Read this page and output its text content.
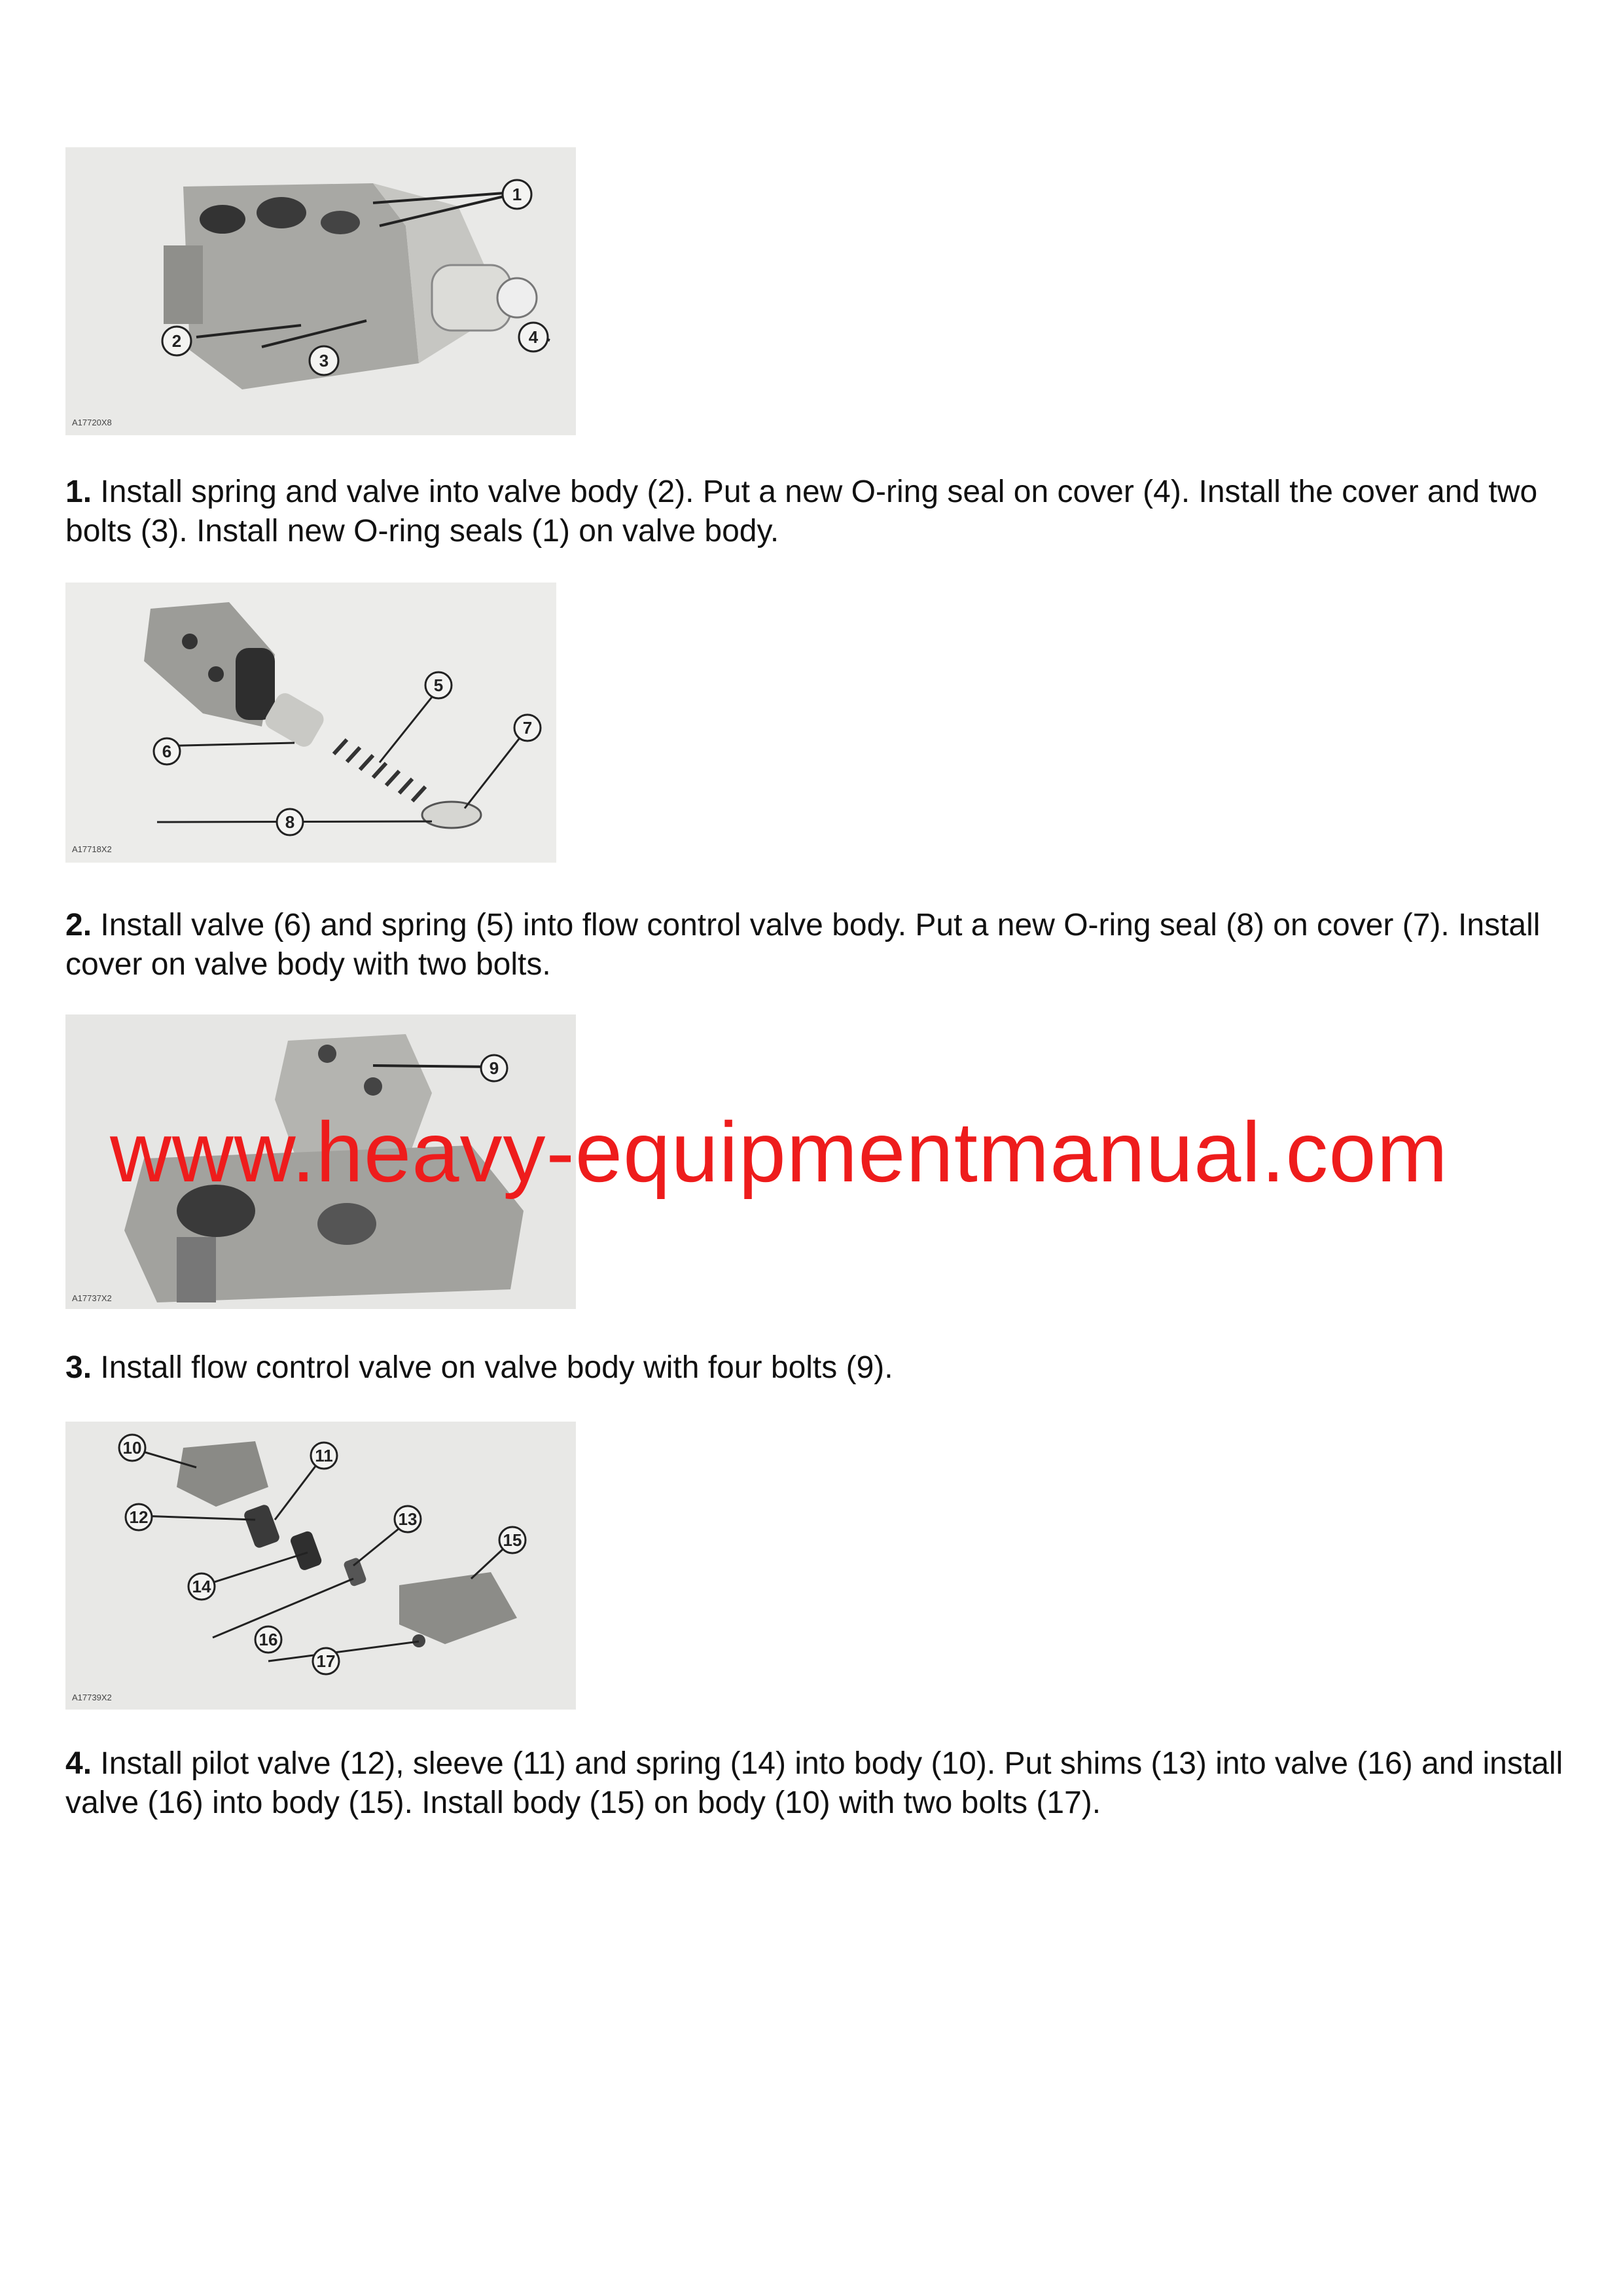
1
2
3
4
A17720X8

1. Install spring and valve into valve body (2). Put a new O-ring seal on cover (4). Install the cover and two bolts (3). Install new O-ring seals (1) on valve body.

5
6
7
8
A17718X2

2. Install valve (6) and spring (5) into flow control valve body. Put a new O-ring seal (8) on cover (7). Install cover on valve body with two bolts.

9
A17737X2

3. Install flow control valve on valve body with four bolts (9).

10	11
12	13
14
15
16
17
A17739X2

4. Install pilot valve (12), sleeve (11) and spring (14) into body (10). Put shims (13) into valve (16) and install valve (16) into body (15). Install body (15) on body (10) with two bolts (17).

www.heavy-equipmentmanual.com
